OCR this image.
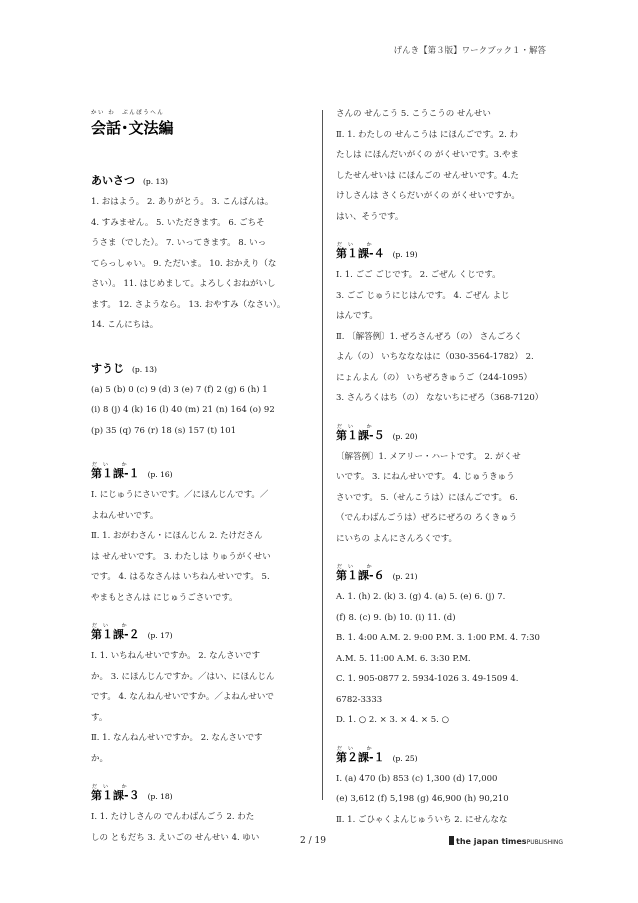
げんき【第３版】ワークブック１・解答
かい わ　ぶんぽうへん
会話･文法編
あいさつ (p. 13)

1. おはよう。 2. ありがとう。 3. こんばんは。

4. すみません。 5. いただきます。 6. ごちそ

うさま（でした）。 7. いってきます。 8. いっ

てらっしゃい。 9. ただいま。 10. おかえり（な

さい）。 11. はじめまして。よろしくおねがいし

ます。 12. さようなら。 13. おやすみ（なさい）。

14. こんにちは。

すうじ (p. 13)

(a) 5 (b) 0 (c) 9 (d) 3 (e) 7 (f) 2 (g) 6 (h) 1

(i) 8 (j) 4 (k) 16 (l) 40 (m) 21 (n) 164 (o) 92

(p) 35 (q) 76 (r) 18 (s) 157 (t) 101

だい か
第１課-１ (p. 16)

Ⅰ. にじゅうにさいです。／にほんじんです。／

よねんせいです。

Ⅱ. 1. おがわさん・にほんじん 2. たけださん

は せんせいです。 3. わたしは りゅうがくせい

です。 4. はるなさんは いちねんせいです。 5.

やまもとさんは にじゅうごさいです。

だい か
第１課-２ (p. 17)

Ⅰ. 1. いちねんせいですか。 2. なんさいです

か。 3. にほんじんですか。／はい、にほんじん

です。 4. なんねんせいですか。／よねんせいで

す。

Ⅱ. 1. なんねんせいですか。 2. なんさいです

か。

だい か
第１課-３ (p. 18)

Ⅰ. 1. たけしさんの でんわばんごう 2. わた

しの ともだち 3. えいごの せんせい 4. ゆい

さんの せんこう 5. こうこうの せんせい

Ⅱ. 1. わたしの せんこうは にほんごです。2. わ

たしは にほんだいがくの がくせいです。3.やま

したせんせいは にほんごの せんせいです。4.た

けしさんは さくらだいがくの がくせいですか。

はい、そうです。

だい か
第１課-４ (p. 19)

Ⅰ. 1. ごご ごじです。 2. ごぜん くじです。

3. ごご じゅうにじはんです。 4. ごぜん よじ

はんです。

Ⅱ. 〔解答例〕1. ぜろさんぜろ（の） さんごろく

よん（の） いちなななはに（030-3564-1782） 2.

にょんよん（の） いちぜろきゅうご（244-1095）

3. さんろくはち（の） なないちにぜろ（368-7120）

だい か
第１課-５ (p. 20)

〔解答例〕1. メアリー・ハートです。 2. がくせ

いです。 3. にねんせいです。 4. じゅうきゅう

さいです。 5.（せんこうは）にほんごです。 6.

（でんわばんごうは）ぜろにぜろの ろくきゅう

にいちの よんにさんろくです。

だい か
第１課-６ (p. 21)

A. 1. (h) 2. (k) 3. (g) 4. (a) 5. (e) 6. (j) 7.

(f) 8. (c) 9. (b) 10. (i) 11. (d)

B. 1. 4:00 A.M. 2. 9:00 P.M. 3. 1:00 P.M. 4. 7:30

A.M. 5. 11:00 A.M. 6. 3:30 P.M.

C. 1. 905-0877 2. 5934-1026 3. 49-1509 4.

6782-3333

D. 1. ○ 2. × 3. × 4. × 5. ○

だい か
第２課-１ (p. 25)

Ⅰ. (a) 470 (b) 853 (c) 1,300 (d) 17,000

(e) 3,612 (f) 5,198 (g) 46,900 (h) 90,210

Ⅱ. 1. ごひゃくよんじゅういち 2. にせんなな

2 / 19	the japan timesPUBLISHING
